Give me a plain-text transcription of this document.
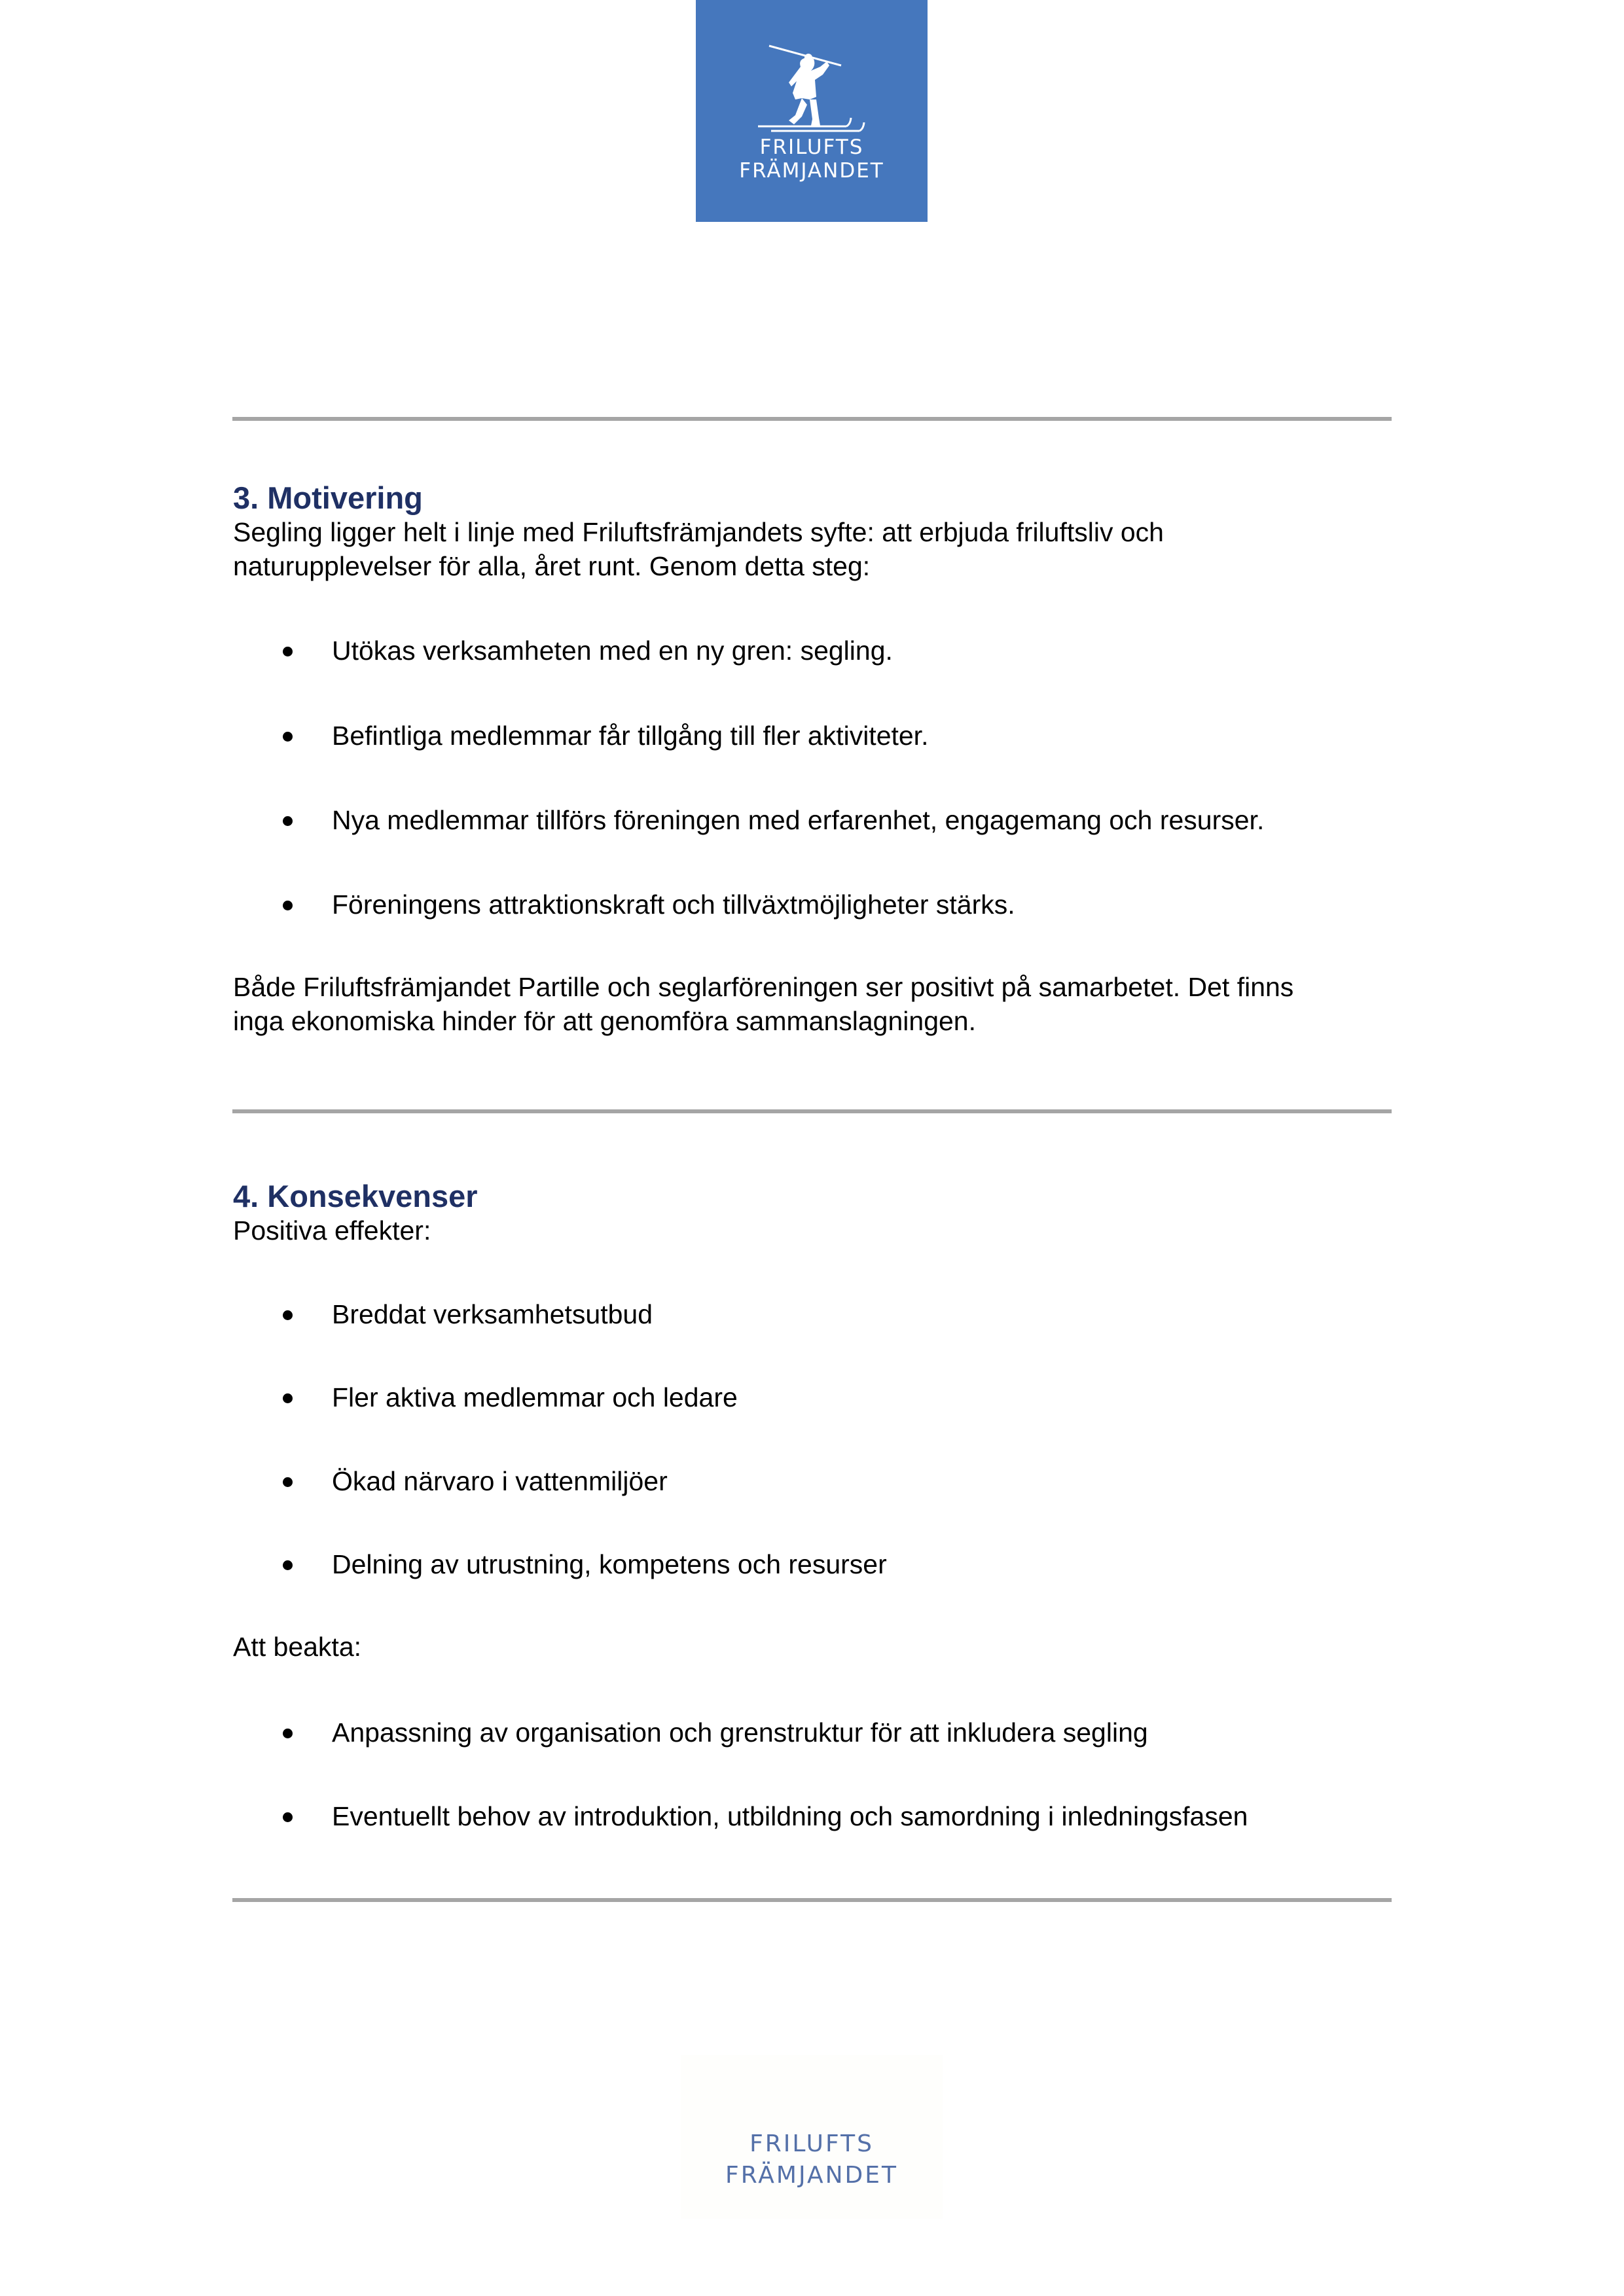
FRILUFTS
FRÄMJANDET
3. Motivering
Segling ligger helt i linje med Friluftsfrämjandets syfte: att erbjuda friluftsliv och
naturupplevelser för alla, året runt. Genom detta steg:
Utökas verksamheten med en ny gren: segling.
Befintliga medlemmar får tillgång till fler aktiviteter.
Nya medlemmar tillförs föreningen med erfarenhet, engagemang och resurser.
Föreningens attraktionskraft och tillväxtmöjligheter stärks.
Både Friluftsfrämjandet Partille och seglarföreningen ser positivt på samarbetet. Det finns
inga ekonomiska hinder för att genomföra sammanslagningen.
4. Konsekvenser
Positiva effekter:
Breddat verksamhetsutbud
Fler aktiva medlemmar och ledare
Ökad närvaro i vattenmiljöer
Delning av utrustning, kompetens och resurser
Att beakta:
Anpassning av organisation och grenstruktur för att inkludera segling
Eventuellt behov av introduktion, utbildning och samordning i inledningsfasen
FRILUFTS
FRÄMJANDET
